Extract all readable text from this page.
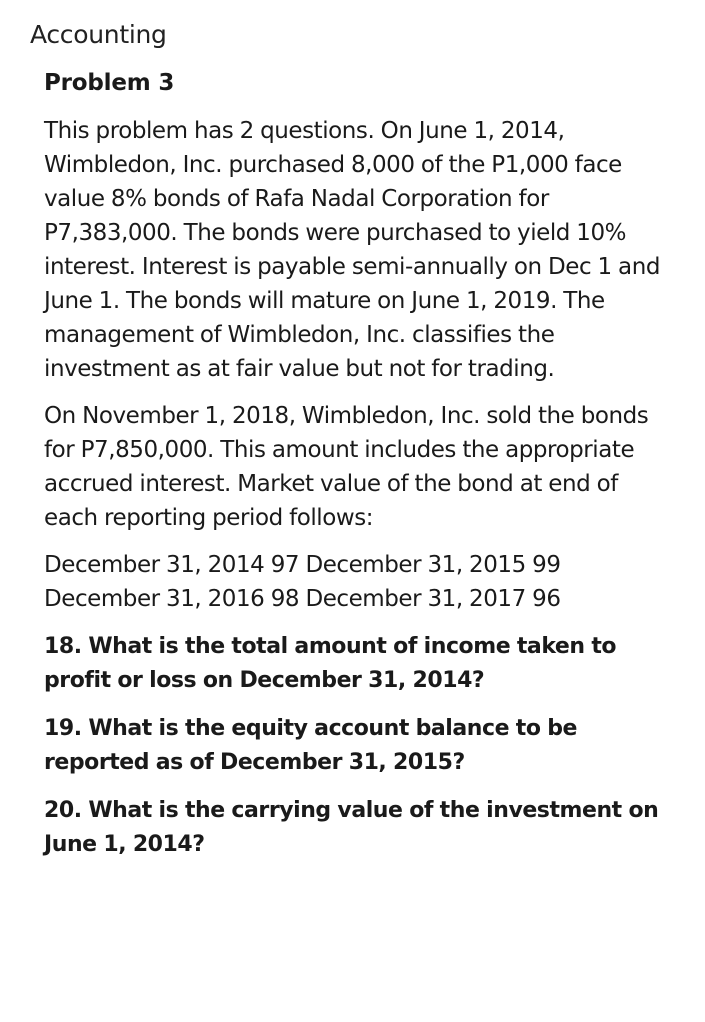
Accounting
Problem 3

This problem has 2 questions. On June 1, 2014, Wimbledon, Inc. purchased 8,000 of the P1,000 face value 8% bonds of Rafa Nadal Corporation for P7,383,000. The bonds were purchased to yield 10% interest. Interest is payable semi-annually on Dec 1 and June 1. The bonds will mature on June 1, 2019. The management of Wimbledon, Inc. classifies the investment as at fair value but not for trading.

On November 1, 2018, Wimbledon, Inc. sold the bonds for P7,850,000. This amount includes the appropriate accrued interest. Market value of the bond at end of each reporting period follows:

December 31, 2014 97 December 31, 2015 99
December 31, 2016 98 December 31, 2017 96

18. What is the total amount of income taken to profit or loss on December 31, 2014?

19. What is the equity account balance to be reported as of December 31, 2015?

20. What is the carrying value of the investment on June 1, 2014?
